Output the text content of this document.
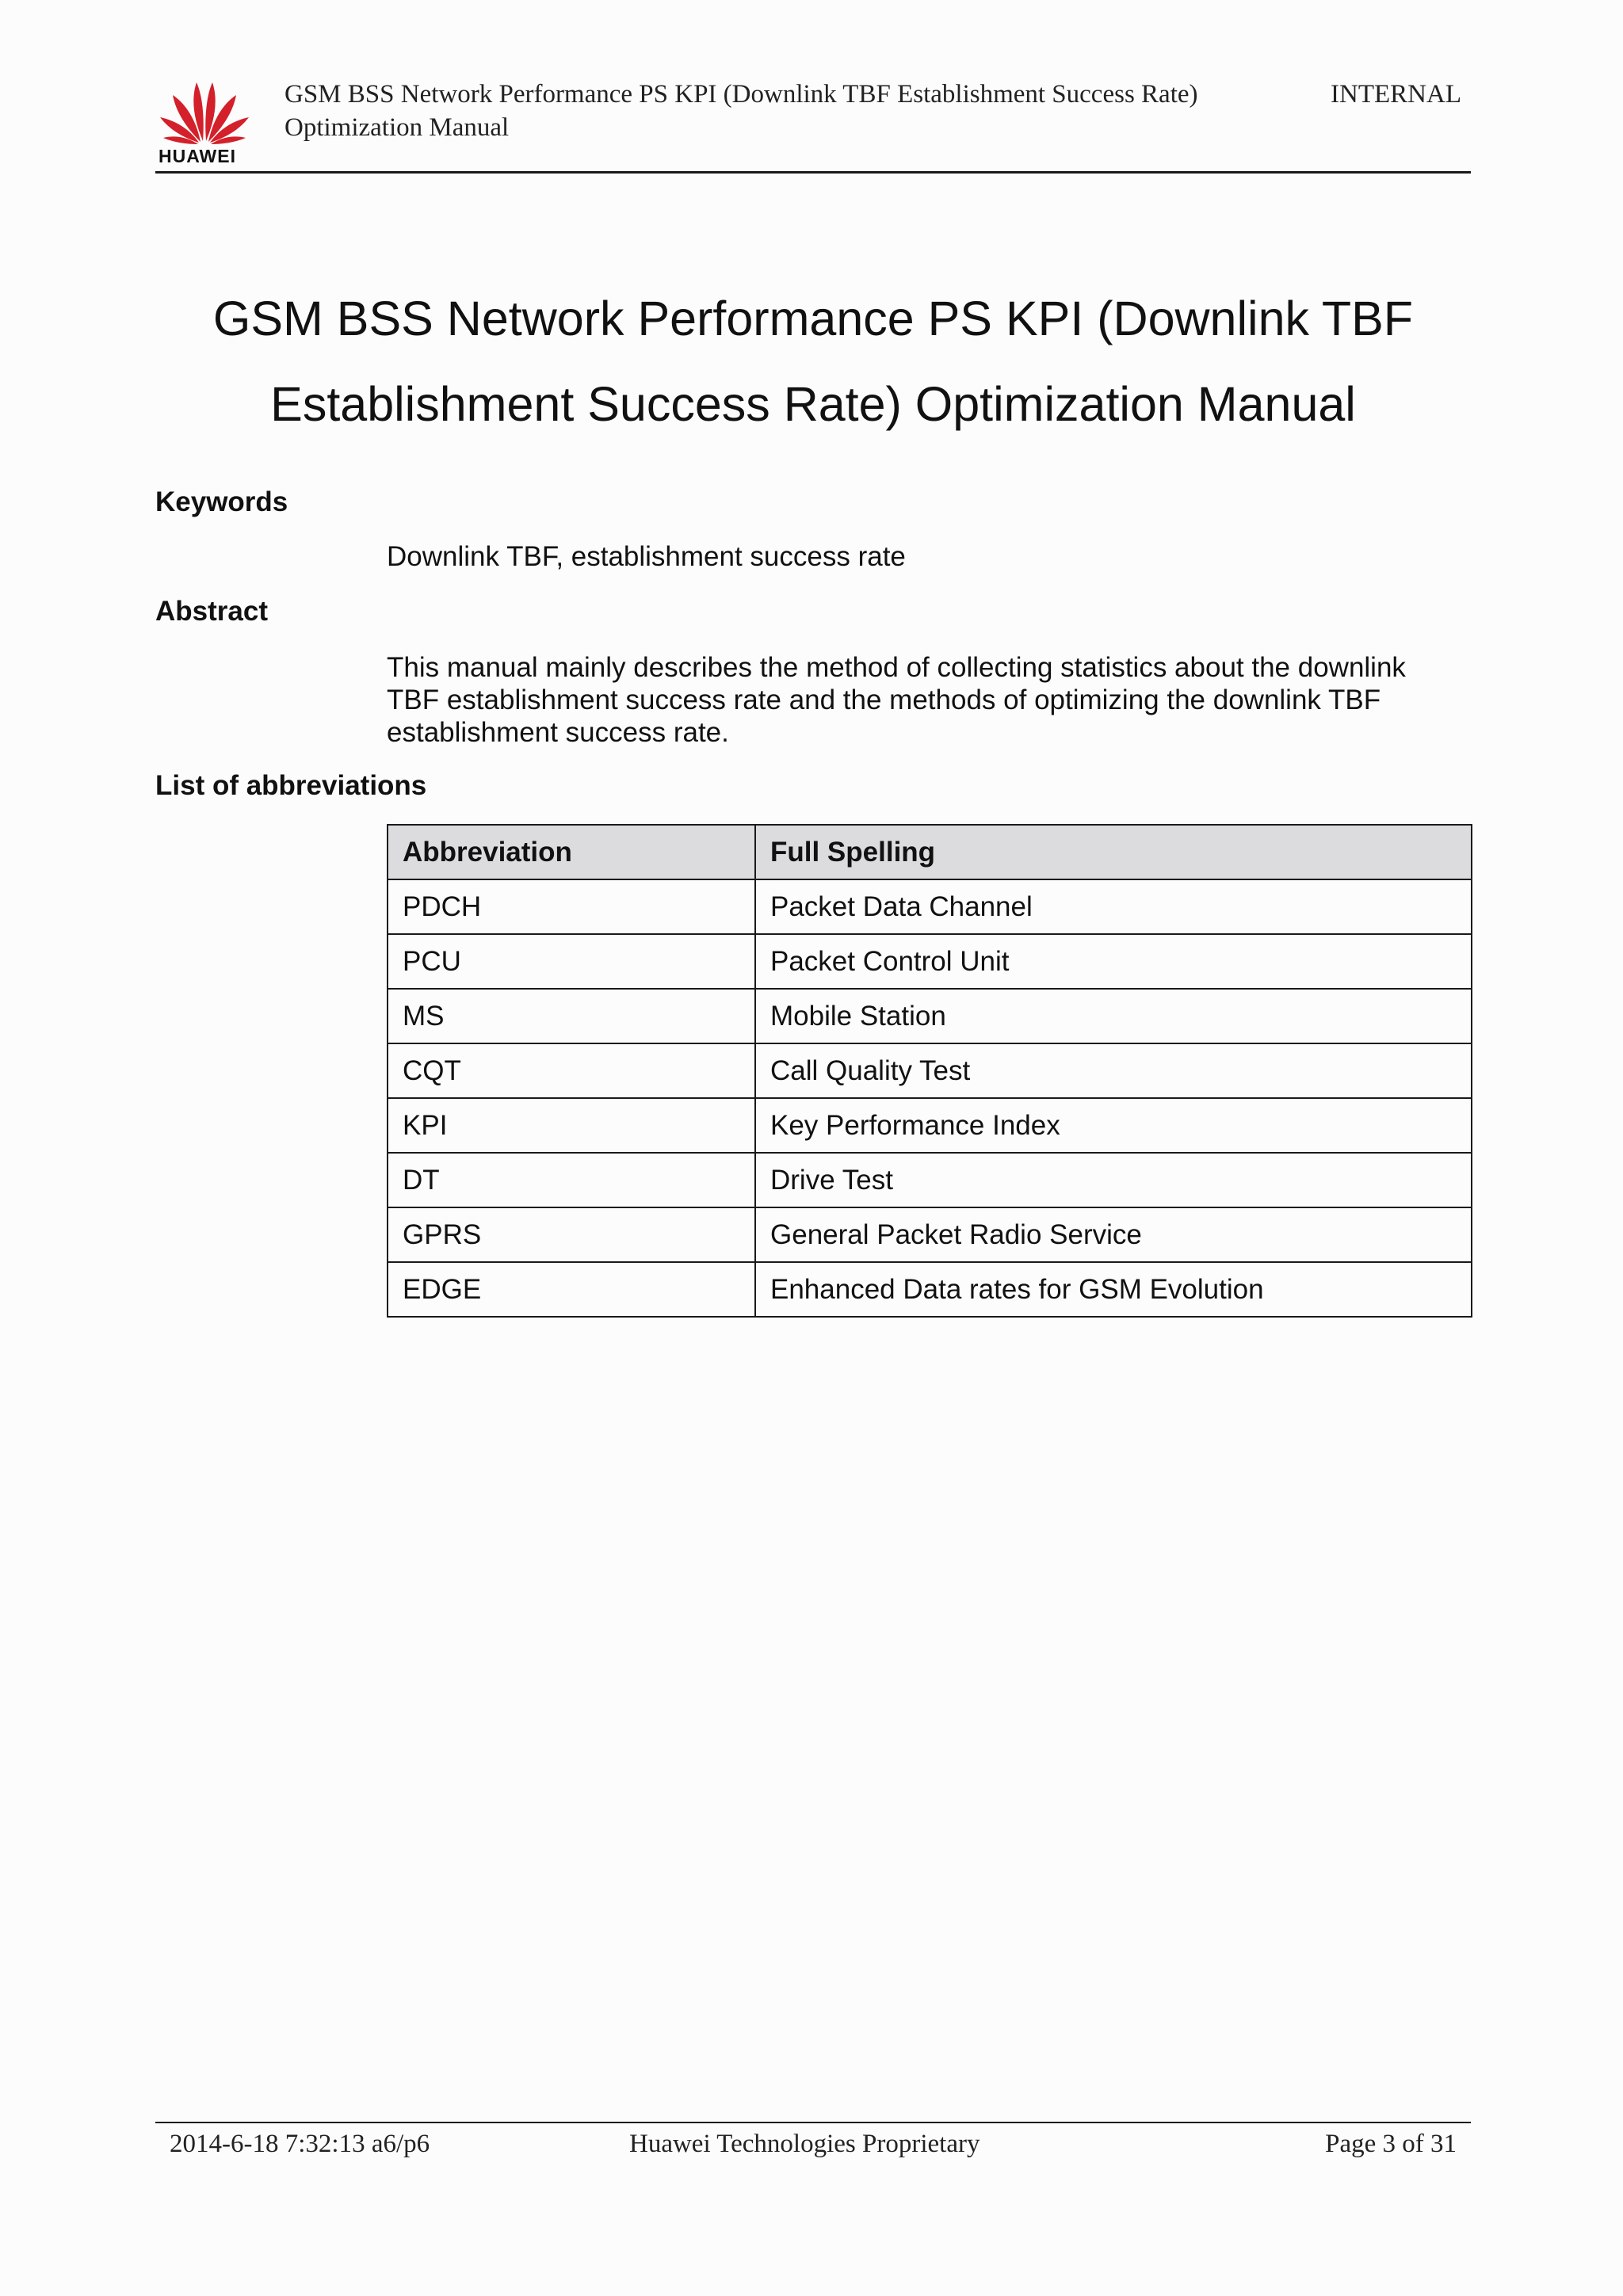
HUAWEI
GSM BSS Network Performance PS KPI (Downlink TBF Establishment Success Rate)
Optimization Manual
INTERNAL
GSM BSS Network Performance PS KPI (Downlink TBF
Establishment Success Rate) Optimization Manual
Keywords
Downlink TBF, establishment success rate
Abstract
This manual mainly describes the method of collecting statistics about the downlink TBF establishment success rate and the methods of optimizing the downlink TBF establishment success rate.
List of abbreviations
Abbreviation	Full Spelling
PDCH	Packet Data Channel
PCU	Packet Control Unit
MS	Mobile Station
CQT	Call Quality Test
KPI	Key Performance Index
DT	Drive Test
GPRS	General Packet Radio Service
EDGE	Enhanced Data rates for GSM Evolution
2014-6-18 7:32:13 a6/p6	Huawei Technologies Proprietary	Page 3 of 31
